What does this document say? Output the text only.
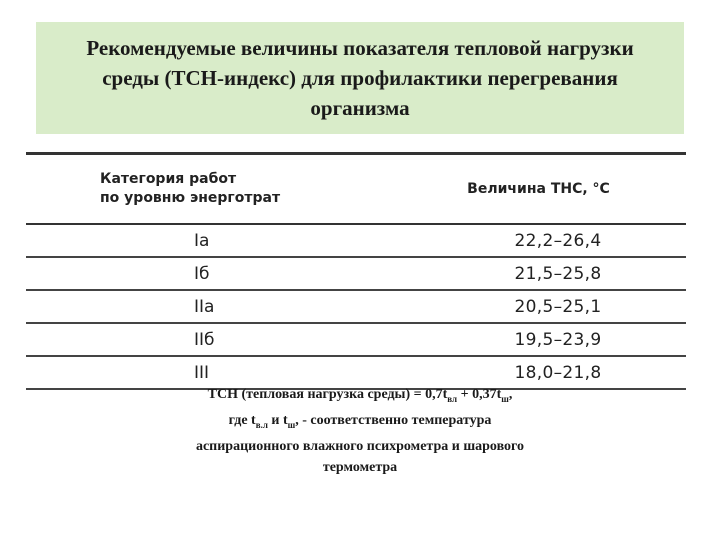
Рекомендуемые величины показателя тепловой нагрузки
среды (ТСН-индекс) для профилактики перегревания
организма
Категория работ
по уровню энерготрат	Величина ТНС, °С
Iа	22,2–26,4
Iб	21,5–25,8
IIа	20,5–25,1
IIб	19,5–23,9
III	18,0–21,8
ТСН (тепловая нагрузка среды) = $0,7t_{вл} + 0,37t_ш$,
где $t_{в.л}$ и $t_ш$, - соответственно температура
аспирационного влажного психрометра и шарового
термометра
